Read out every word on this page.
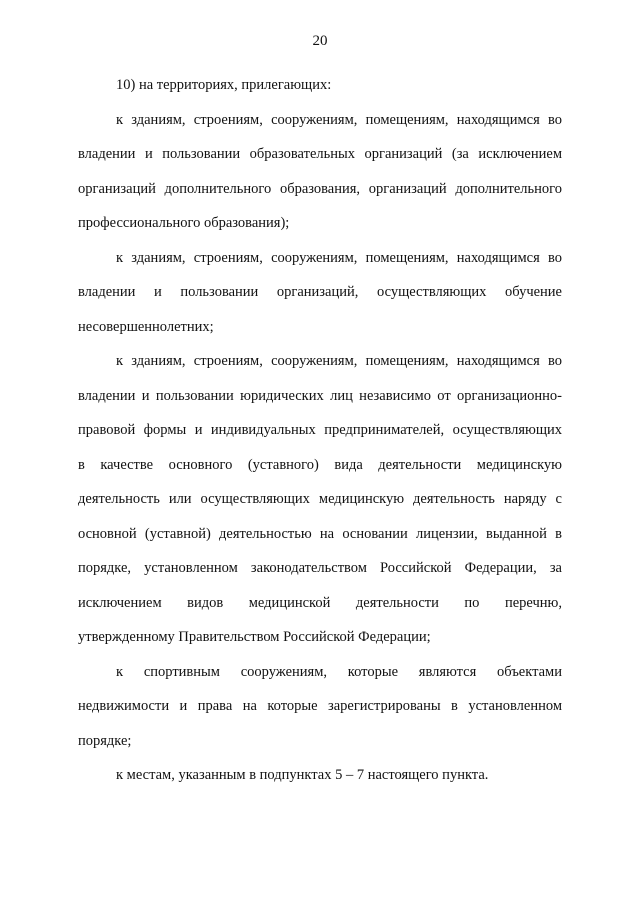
20
10) на территориях, прилегающих:
к зданиям, строениям, сооружениям, помещениям, находящимся во
владении и пользовании образовательных организаций (за исключением
организаций дополнительного образования, организаций дополнительного
профессионального образования);
к зданиям, строениям, сооружениям, помещениям, находящимся во
владении и пользовании организаций, осуществляющих обучение
несовершеннолетних;
к зданиям, строениям, сооружениям, помещениям, находящимся во
владении и пользовании юридических лиц независимо от организационно-
правовой формы и индивидуальных предпринимателей, осуществляющих
в качестве основного (уставного) вида деятельности медицинскую
деятельность или осуществляющих медицинскую деятельность наряду с
основной (уставной) деятельностью на основании лицензии, выданной в
порядке, установленном законодательством Российской Федерации, за
исключением видов медицинской деятельности по перечню,
утвержденному Правительством Российской Федерации;
к спортивным сооружениям, которые являются объектами
недвижимости и права на которые зарегистрированы в установленном
порядке;
к местам, указанным в подпунктах 5 – 7 настоящего пункта.
